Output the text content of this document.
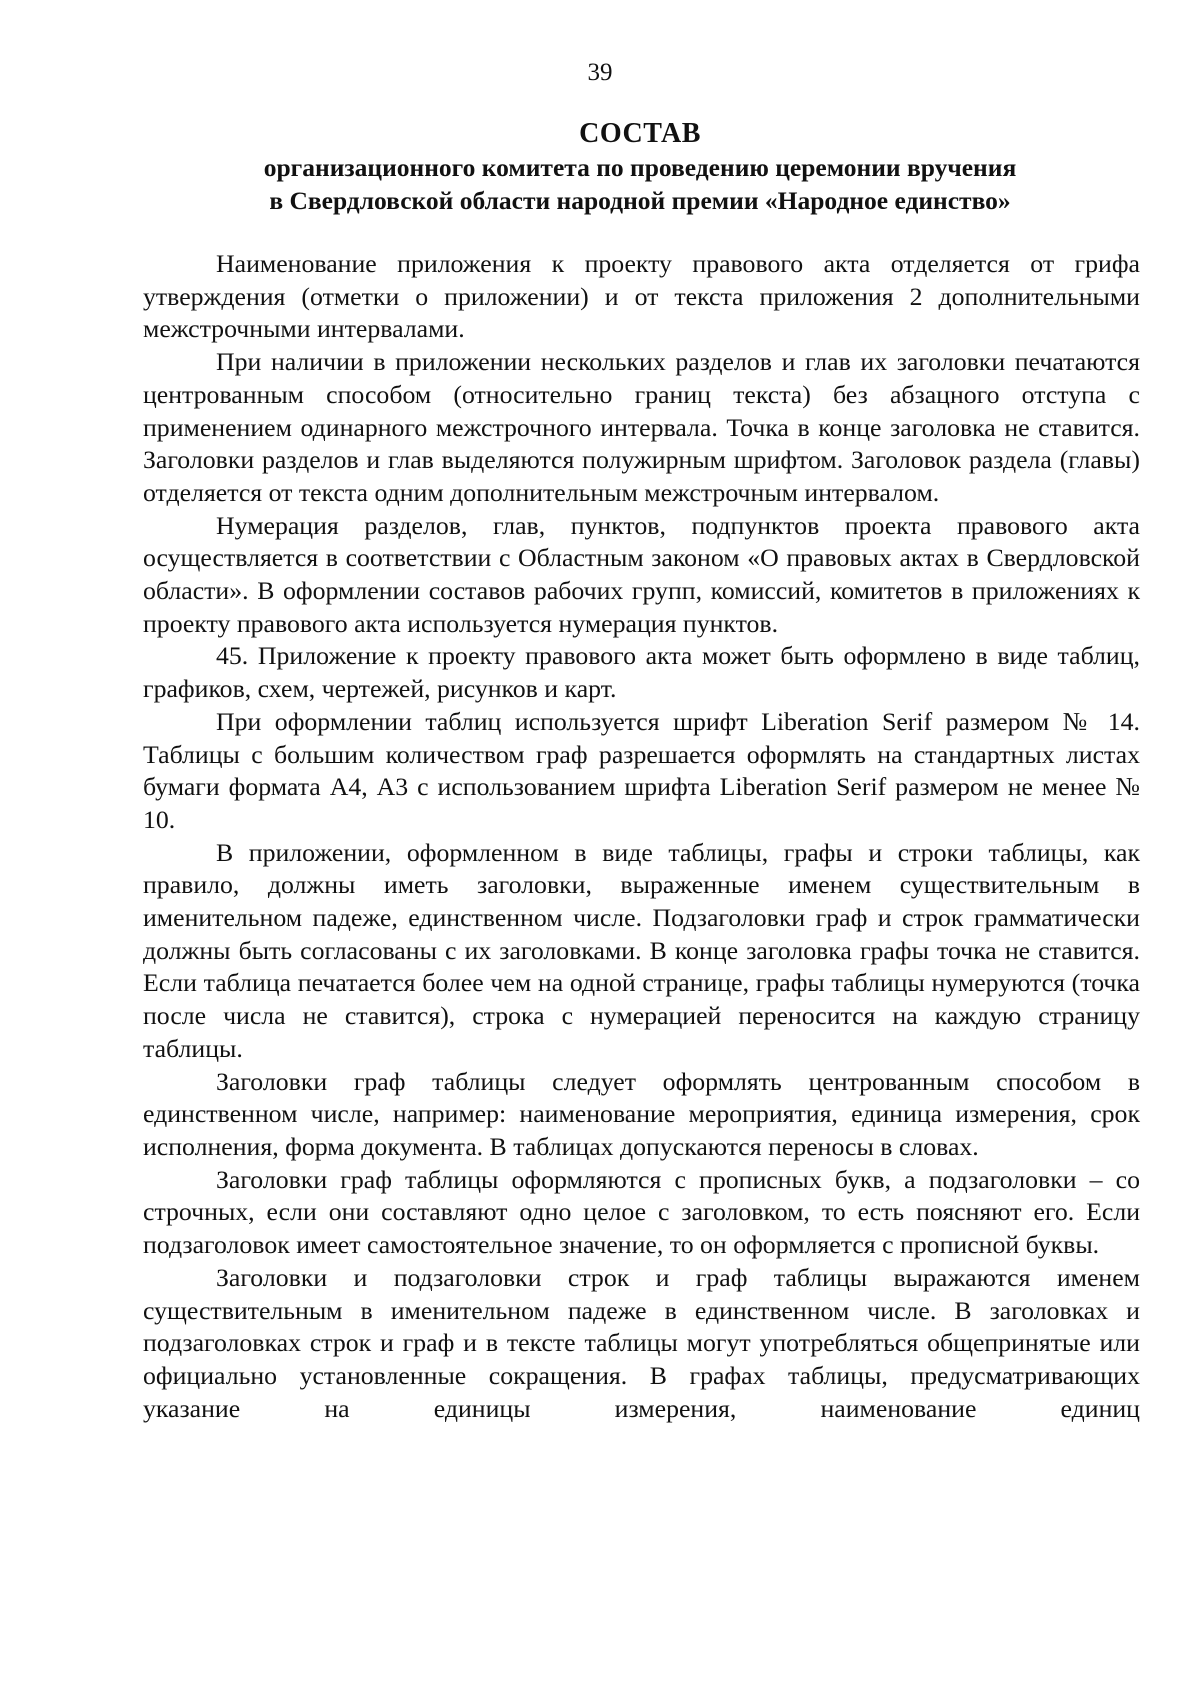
39
СОСТАВ
организационного комитета по проведению церемонии вручения
в Свердловской области народной премии «Народное единство»

Наименование приложения к проекту правового акта отделяется от грифа утверждения (отметки о приложении) и от текста приложения 2 дополнительными межстрочными интервалами.

При наличии в приложении нескольких разделов и глав их заголовки печатаются центрованным способом (относительно границ текста) без абзацного отступа с применением одинарного межстрочного интервала. Точка в конце заголовка не ставится. Заголовки разделов и глав выделяются полужирным шрифтом. Заголовок раздела (главы) отделяется от текста одним дополнительным межстрочным интервалом.

Нумерация разделов, глав, пунктов, подпунктов проекта правового акта осуществляется в соответствии с Областным законом «О правовых актах в Свердловской области». В оформлении составов рабочих групп, комиссий, комитетов в приложениях к проекту правового акта используется нумерация пунктов.

45. Приложение к проекту правового акта может быть оформлено в виде таблиц, графиков, схем, чертежей, рисунков и карт.

При оформлении таблиц используется шрифт Liberation Serif размером № 14. Таблицы с большим количеством граф разрешается оформлять на стандартных листах бумаги формата А4, А3 с использованием шрифта Liberation Serif размером не менее № 10.

В приложении, оформленном в виде таблицы, графы и строки таблицы, как правило, должны иметь заголовки, выраженные именем существительным в именительном падеже, единственном числе. Подзаголовки граф и строк грамматически должны быть согласованы с их заголовками. В конце заголовка графы точка не ставится. Если таблица печатается более чем на одной странице, графы таблицы нумеруются (точка после числа не ставится), строка с нумерацией переносится на каждую страницу таблицы.

Заголовки граф таблицы следует оформлять центрованным способом в единственном числе, например: наименование мероприятия, единица измерения, срок исполнения, форма документа. В таблицах допускаются переносы в словах.

Заголовки граф таблицы оформляются с прописных букв, а подзаголовки – со строчных, если они составляют одно целое с заголовком, то есть поясняют его. Если подзаголовок имеет самостоятельное значение, то он оформляется с прописной буквы.

Заголовки и подзаголовки строк и граф таблицы выражаются именем существительным в именительном падеже в единственном числе. В заголовках и подзаголовках строк и граф и в тексте таблицы могут употребляться общепринятые или официально установленные сокращения. В графах таблицы, предусматривающих указание на единицы измерения, наименование единиц
